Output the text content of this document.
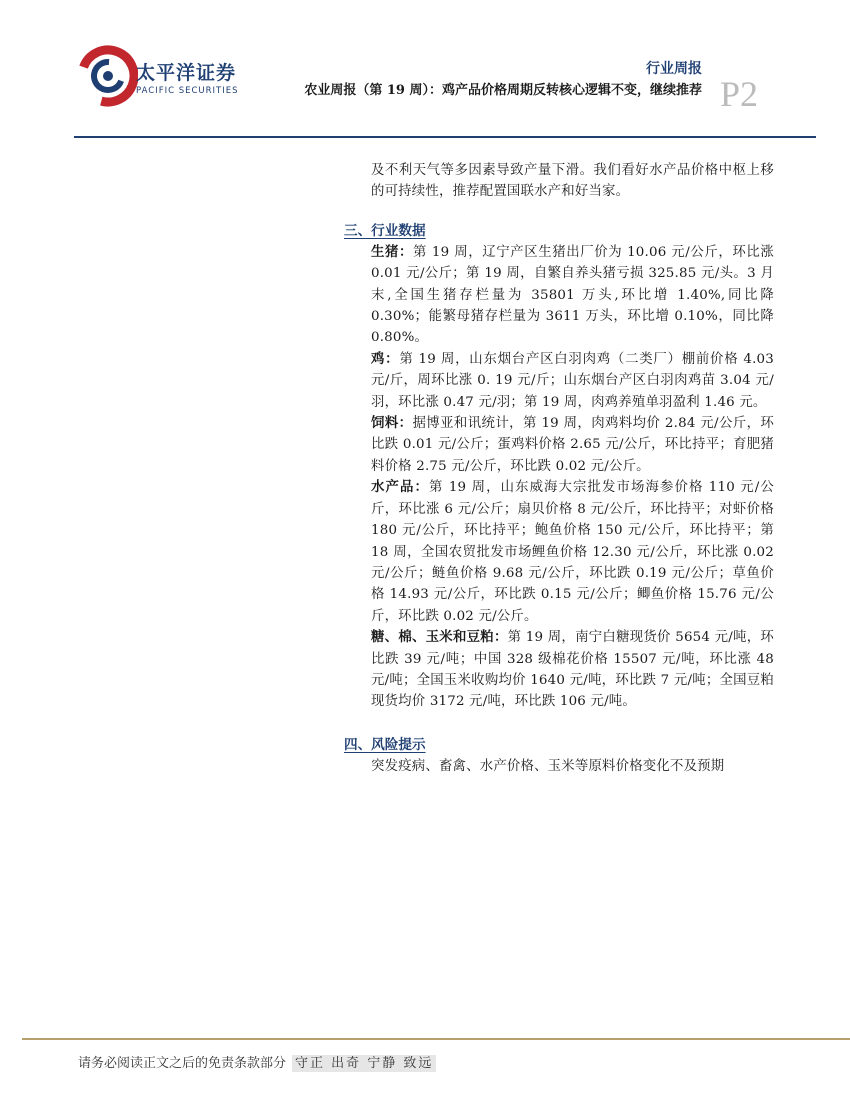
太平洋证券
PACIFIC SECURITIES
行业周报
农业周报（第 19 周）：鸡产品价格周期反转核心逻辑不变，继续推荐 P2

及不利天气等多因素导致产量下滑。我们看好水产品价格中枢上移的可持续性，推荐配置国联水产和好当家。

三、行业数据

生猪：第 19 周，辽宁产区生猪出厂价为 10.06 元/公斤，环比涨 0.01 元/公斤；第 19 周，自繁自养头猪亏损 325.85 元/头。3 月末,全国生猪存栏量为 35801 万头,环比增 1.40%,同比降 0.30%；能繁母猪存栏量为 3611 万头，环比增 0.10%，同比降 0.80%。

鸡：第 19 周，山东烟台产区白羽肉鸡（二类厂）棚前价格 4.03 元/斤，周环比涨 0. 19 元/斤；山东烟台产区白羽肉鸡苗 3.04 元/羽，环比涨 0.47 元/羽；第 19 周，肉鸡养殖单羽盈利 1.46 元。

饲料：据博亚和讯统计，第 19 周，肉鸡料均价 2.84 元/公斤，环比跌 0.01 元/公斤；蛋鸡料价格 2.65 元/公斤，环比持平；育肥猪料价格 2.75 元/公斤，环比跌 0.02 元/公斤。

水产品：第 19 周，山东威海大宗批发市场海参价格 110 元/公斤，环比涨 6 元/公斤；扇贝价格 8 元/公斤，环比持平；对虾价格 180 元/公斤，环比持平；鲍鱼价格 150 元/公斤，环比持平；第 18 周，全国农贸批发市场鲤鱼价格 12.30 元/公斤，环比涨 0.02 元/公斤；鲢鱼价格 9.68 元/公斤，环比跌 0.19 元/公斤；草鱼价格 14.93 元/公斤，环比跌 0.15 元/公斤；鲫鱼价格 15.76 元/公斤，环比跌 0.02 元/公斤。

糖、棉、玉米和豆粕：第 19 周，南宁白糖现货价 5654 元/吨，环比跌 39 元/吨；中国 328 级棉花价格 15507 元/吨，环比涨 48 元/吨；全国玉米收购均价 1640 元/吨，环比跌 7 元/吨；全国豆粕现货均价 3172 元/吨，环比跌 106 元/吨。

四、风险提示

突发疫病、畜禽、水产价格、玉米等原料价格变化不及预期

请务必阅读正文之后的免责条款部分 守正 出奇 宁静 致远
